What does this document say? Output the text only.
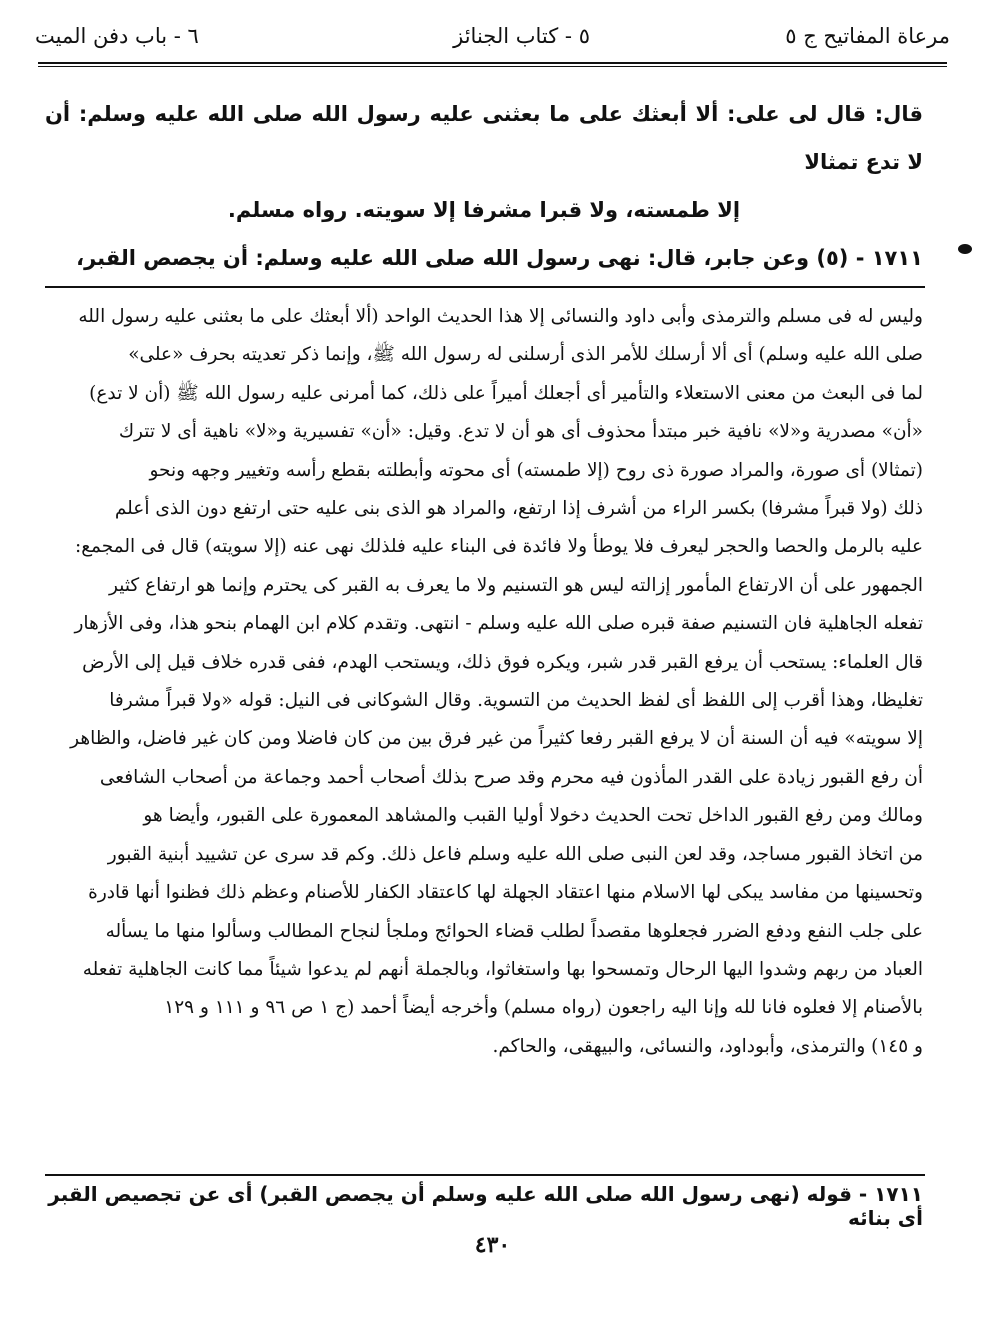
مرعاة المفاتيح ج ٥
٥ - كتاب الجنائز
٦ - باب دفن الميت

قال: قال لى على: ألا أبعثك على ما بعثنى عليه رسول الله صلى الله عليه وسلم: أن لا تدع تمثالا

إلا طمسته، ولا قبرا مشرفا إلا سويته. رواه مسلم.

١٧١١ - (٥) وعن جابر، قال: نهى رسول الله صلى الله عليه وسلم: أن يجصص القبر،

وليس له فى مسلم والترمذى وأبى داود والنسائى إلا هذا الحديث الواحد (ألا أبعثك على ما بعثنى عليه رسول الله

صلى الله عليه وسلم) أى ألا أرسلك للأمر الذى أرسلنى له رسول الله ﷺ، وإنما ذكر تعديته بحرف «على»

لما فى البعث من معنى الاستعلاء والتأمير أى أجعلك أميراً على ذلك، كما أمرنى عليه رسول الله ﷺ (أن لا تدع)

«أن» مصدرية و«لا» نافية خبر مبتدأ محذوف أى هو أن لا تدع. وقيل: «أن» تفسيرية و«لا» ناهية أى لا تترك

(تمثالا) أى صورة، والمراد صورة ذى روح (إلا طمسته) أى محوته وأبطلته بقطع رأسه وتغيير وجهه ونحو

ذلك (ولا قبراً مشرفا) بكسر الراء من أشرف إذا ارتفع، والمراد هو الذى بنى عليه حتى ارتفع دون الذى أعلم

عليه بالرمل والحصا والحجر ليعرف فلا يوطأ ولا فائدة فى البناء عليه فلذلك نهى عنه (إلا سويته) قال فى المجمع:

الجمهور على أن الارتفاع المأمور إزالته ليس هو التسنيم ولا ما يعرف به القبر كى يحترم وإنما هو ارتفاع كثير

تفعله الجاهلية فان التسنيم صفة قبره صلى الله عليه وسلم - انتهى. وتقدم كلام ابن الهمام بنحو هذا، وفى الأزهار

قال العلماء: يستحب أن يرفع القبر قدر شبر، ويكره فوق ذلك، ويستحب الهدم، ففى قدره خلاف قيل إلى الأرض

تغليظا، وهذا أقرب إلى اللفظ أى لفظ الحديث من التسوية. وقال الشوكانى فى النيل: قوله «ولا قبراً مشرفا

إلا سويته» فيه أن السنة أن لا يرفع القبر رفعا كثيراً من غير فرق بين من كان فاضلا ومن كان غير فاضل، والظاهر

أن رفع القبور زيادة على القدر المأذون فيه محرم وقد صرح بذلك أصحاب أحمد وجماعة من أصحاب الشافعى

ومالك ومن رفع القبور الداخل تحت الحديث دخولا أوليا القبب والمشاهد المعمورة على القبور، وأيضا هو

من اتخاذ القبور مساجد، وقد لعن النبى صلى الله عليه وسلم فاعل ذلك. وكم قد سرى عن تشييد أبنية القبور

وتحسينها من مفاسد يبكى لها الاسلام منها اعتقاد الجهلة لها كاعتقاد الكفار للأصنام وعظم ذلك فظنوا أنها قادرة

على جلب النفع ودفع الضرر فجعلوها مقصداً لطلب قضاء الحوائج وملجأ لنجاح المطالب وسألوا منها ما يسأله

العباد من ربهم وشدوا اليها الرحال وتمسحوا بها واستغاثوا، وبالجملة أنهم لم يدعوا شيئاً مما كانت الجاهلية تفعله

بالأصنام إلا فعلوه فانا لله وإنا اليه راجعون (رواه مسلم) وأخرجه أيضاً أحمد (ج ١ ص ٩٦ و ١١١ و ١٢٩

و ١٤٥) والترمذى، وأبوداود، والنسائى، والبيهقى، والحاكم.

١٧١١ - قوله (نهى رسول الله صلى الله عليه وسلم أن يجصص القبر) أى عن تجصيص القبر أى بنائه
٤٣٠
